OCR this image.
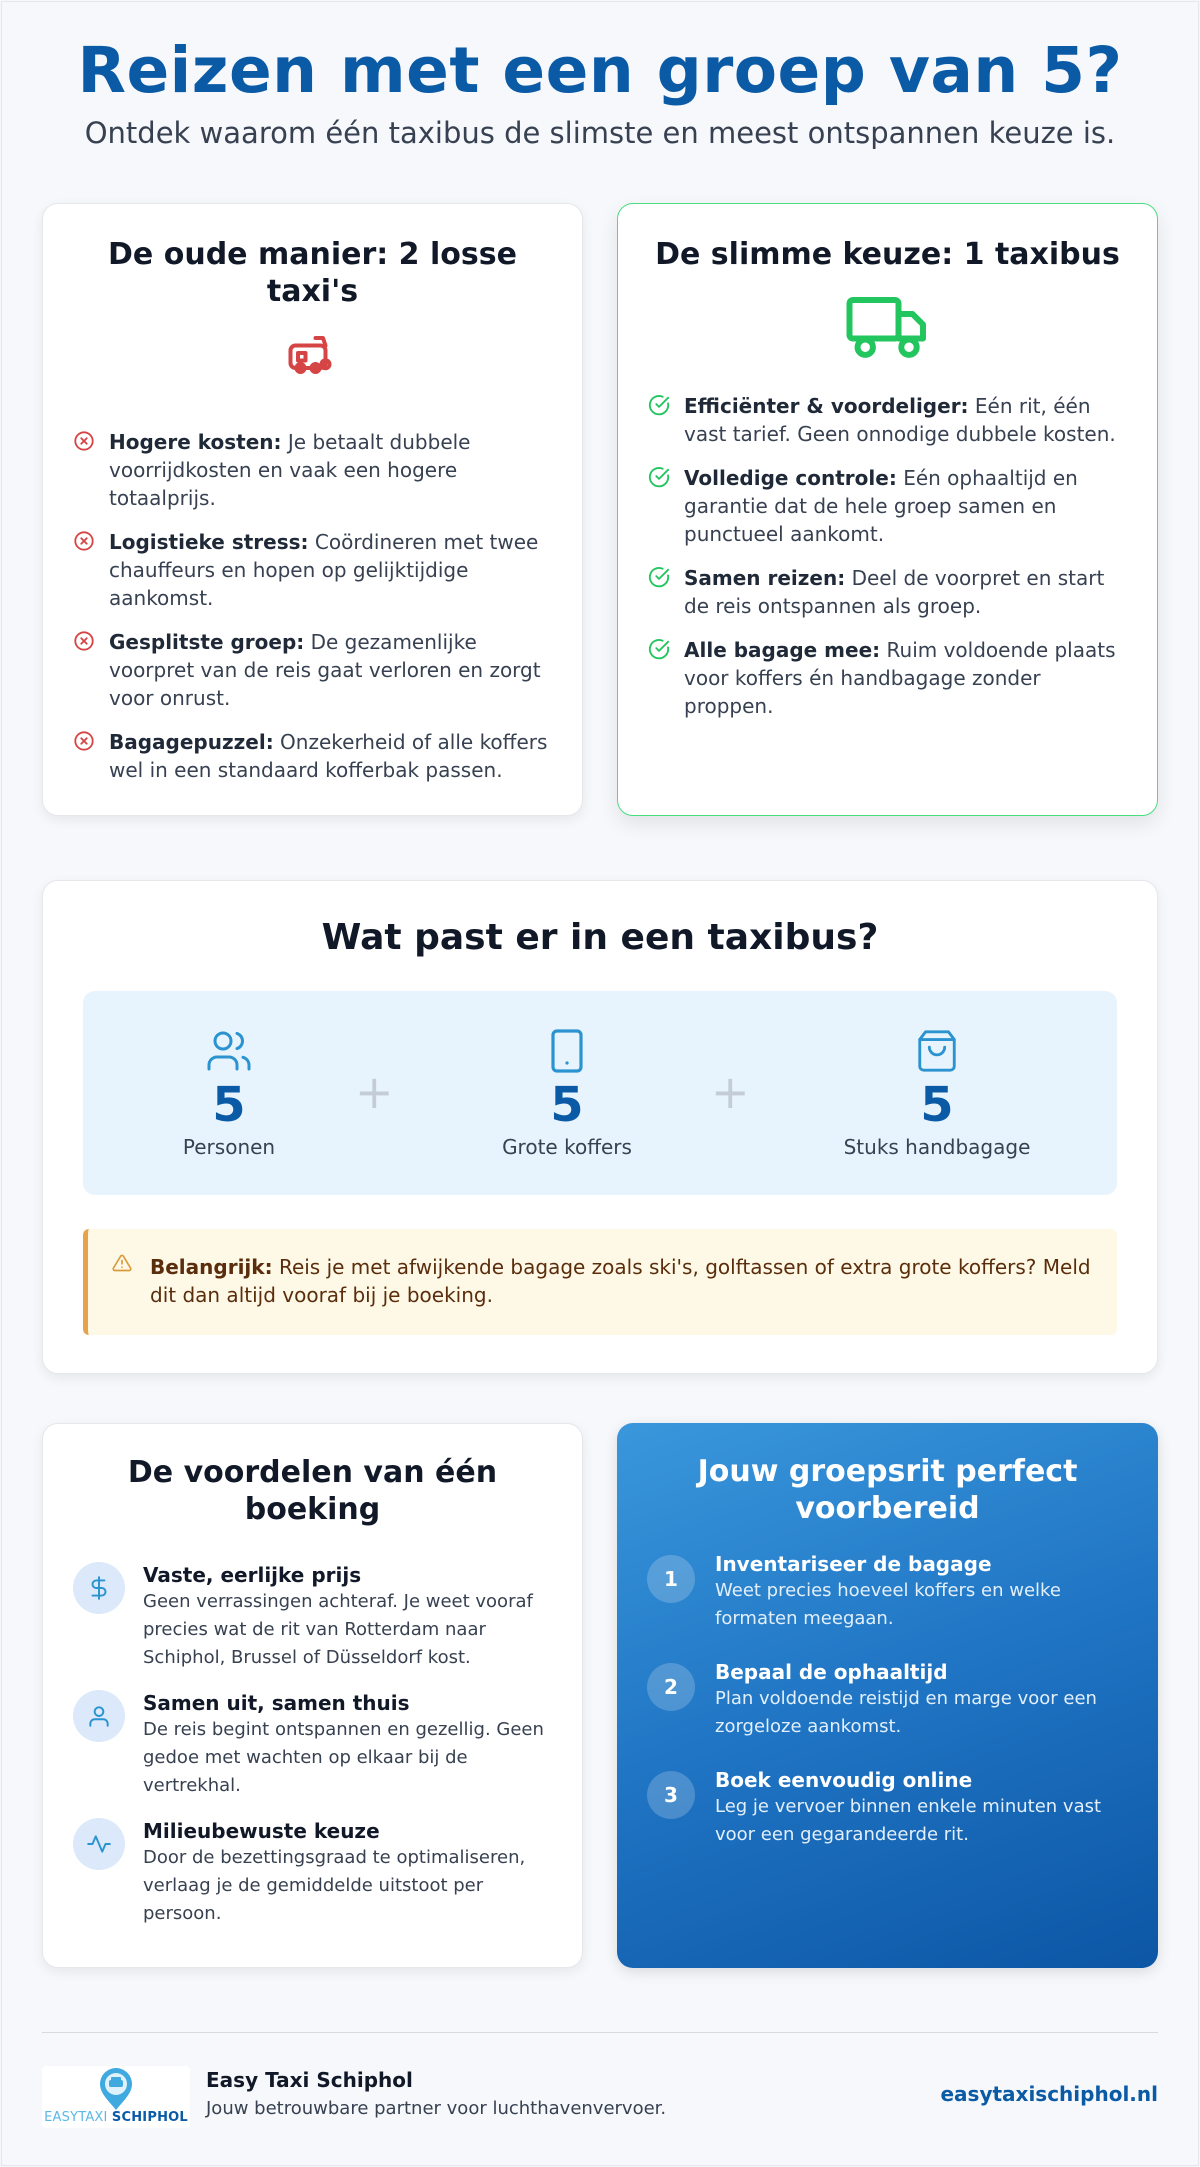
Reizen met een groep van 5?

Ontdek waarom één taxibus de slimste en meest ontspannen keuze is.

De oude manier: 2 losse taxi's
Hogere kosten: Je betaalt dubbele voorrijdkosten en vaak een hogere totaalprijs.
Logistieke stress: Coördineren met twee chauffeurs en hopen op gelijktijdige aankomst.
Gesplitste groep: De gezamenlijke voorpret van de reis gaat verloren en zorgt voor onrust.
Bagagepuzzel: Onzekerheid of alle koffers wel in een standaard kofferbak passen.
De slimme keuze: 1 taxibus
Efficiënter & voordeliger: Eén rit, één vast tarief. Geen onnodige dubbele kosten.
Volledige controle: Eén ophaaltijd en garantie dat de hele groep samen en punctueel aankomt.
Samen reizen: Deel de voorpret en start de reis ontspannen als groep.
Alle bagage mee: Ruim voldoende plaats voor koffers én handbagage zonder proppen.
Wat past er in een taxibus?
5
Personen
+	5
Grote koffers
+	5
Stuks handbagage
Belangrijk: Reis je met afwijkende bagage zoals ski's, golftassen of extra grote koffers? Meld dit dan altijd vooraf bij je boeking.
De voordelen van één boeking
Vaste, eerlijke prijs
Geen verrassingen achteraf. Je weet vooraf precies wat de rit van Rotterdam naar Schiphol, Brussel of Düsseldorf kost.
Samen uit, samen thuis
De reis begint ontspannen en gezellig. Geen gedoe met wachten op elkaar bij de vertrekhal.
Milieubewuste keuze
Door de bezettingsgraad te optimaliseren, verlaag je de gemiddelde uitstoot per persoon.
Jouw groepsrit perfect voorbereid
1
Inventariseer de bagage
Weet precies hoeveel koffers en welke formaten meegaan.
2
Bepaal de ophaaltijd
Plan voldoende reistijd en marge voor een zorgeloze aankomst.
3
Boek eenvoudig online
Leg je vervoer binnen enkele minuten vast voor een gegarandeerde rit.
EASYTAXI SCHIPHOL
Easy Taxi Schiphol
Jouw betrouwbare partner voor luchthavenvervoer.
easytaxischiphol.nl
